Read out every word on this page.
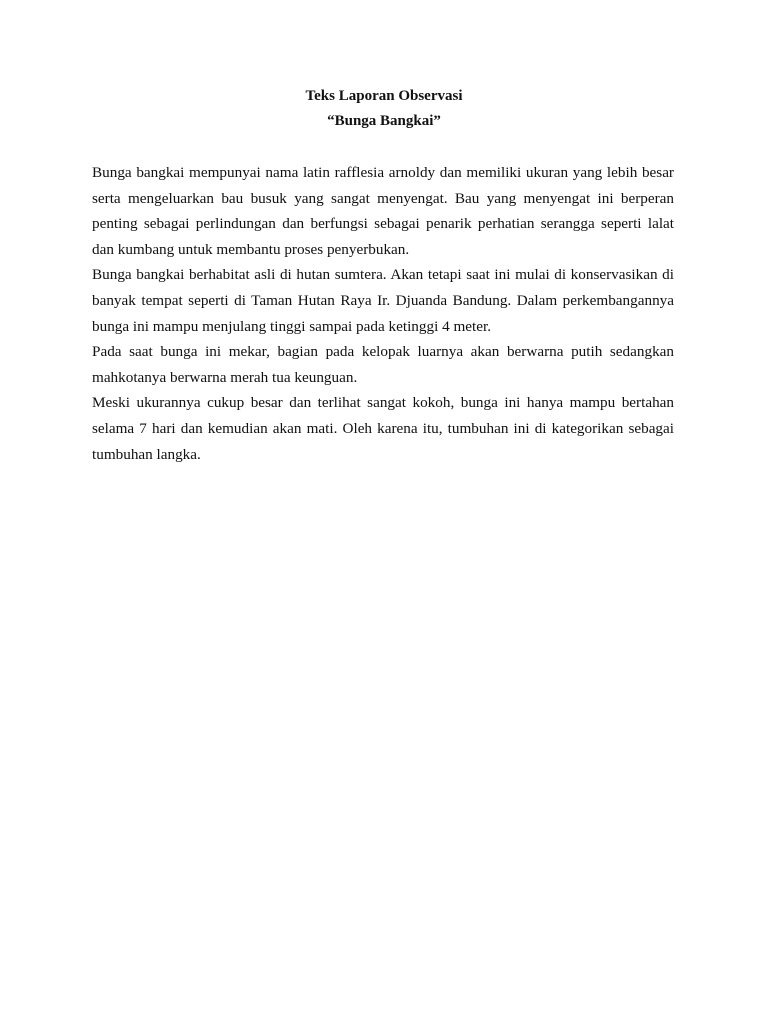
Teks Laporan Observasi
“Bunga Bangkai”

Bunga bangkai mempunyai nama latin rafflesia arnoldy dan memiliki ukuran yang lebih besar serta mengeluarkan bau busuk yang sangat menyengat. Bau yang menyengat ini berperan penting sebagai perlindungan dan berfungsi sebagai penarik perhatian serangga seperti lalat dan kumbang untuk membantu proses penyerbukan.

Bunga bangkai berhabitat asli di hutan sumtera. Akan tetapi saat ini mulai di konservasikan di banyak tempat seperti di Taman Hutan Raya Ir. Djuanda Bandung. Dalam perkembangannya bunga ini mampu menjulang tinggi sampai pada ketinggi 4 meter.

Pada saat bunga ini mekar, bagian pada kelopak luarnya akan berwarna putih sedangkan mahkotanya berwarna merah tua keunguan.

Meski ukurannya cukup besar dan terlihat sangat kokoh, bunga ini hanya mampu bertahan selama 7 hari dan kemudian akan mati. Oleh karena itu, tumbuhan ini di kategorikan sebagai tumbuhan langka.
